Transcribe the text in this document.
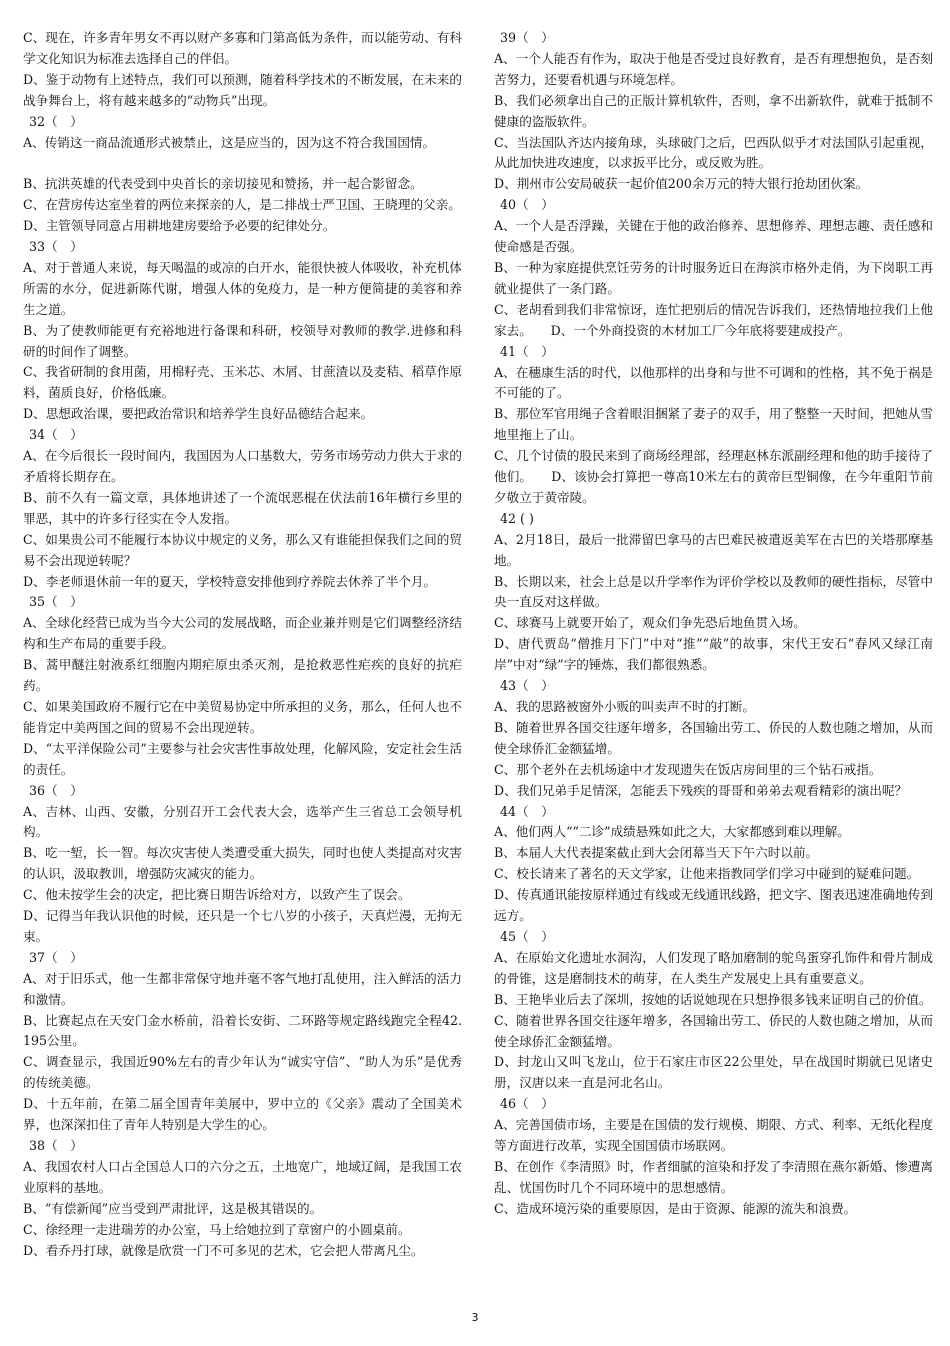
C、现在，许多青年男女不再以财产多寡和门第高低为条件，而以能劳动、有科学文化知识为标准去选择自己的伴侣。
D、鉴于动物有上述特点，我们可以预测，随着科学技术的不断发展，在未来的战争舞台上，将有越来越多的“动物兵”出现。
32（　）
A、传销这一商品流通形式被禁止，这是应当的，因为这不符合我国国情。
B、抗洪英雄的代表受到中央首长的亲切接见和赞扬，并一起合影留念。
C、在营房传达室坐着的两位来探亲的人，是二排战士严卫国、王晓理的父亲。
D、主管领导同意占用耕地建房要给予必要的纪律处分。
33（　）
A、对于普通人来说，每天喝温的或凉的白开水，能很快被人体吸收，补充机体所需的水分，促进新陈代谢，增强人体的免疫力，是一种方便简捷的美容和养生之道。
B、为了使教师能更有充裕地进行备课和科研，校领导对教师的教学.进修和科研的时间作了调整。
C、我省研制的食用菌，用棉籽壳、玉米芯、木屑、甘蔗渣以及麦秸、稻草作原料，菌质良好，价格低廉。
D、思想政治课，要把政治常识和培养学生良好品德结合起来。
34（　）
A、在今后很长一段时间内，我国因为人口基数大，劳务市场劳动力供大于求的矛盾将长期存在。
B、前不久有一篇文章，具体地讲述了一个流氓恶棍在伏法前16年横行乡里的罪恶，其中的许多行径实在令人发指。
C、如果贵公司不能履行本协议中规定的义务，那么又有谁能担保我们之间的贸易不会出现逆转呢？
D、李老师退休前一年的夏天，学校特意安排他到疗养院去休养了半个月。
35（　）
A、全球化经营已成为当今大公司的发展战略，而企业兼并则是它们调整经济结构和生产布局的重要手段。
B、蒿甲醚注射液系红细胞内期疟原虫杀灭剂，是抢救恶性疟疾的良好的抗疟药。
C、如果美国政府不履行它在中美贸易协定中所承担的义务，那么，任何人也不能肯定中美两国之间的贸易不会出现逆转。
D、“太平洋保险公司”主要参与社会灾害性事故处理，化解风险，安定社会生活的责任。
36（　）
A、吉林、山西、安徽，分别召开工会代表大会，选举产生三省总工会领导机构。
B、吃一堑，长一智。每次灾害使人类遭受重大损失，同时也使人类提高对灾害的认识，汲取教训，增强防灾减灾的能力。
C、他未按学生会的决定，把比赛日期告诉给对方，以致产生了误会。
D、记得当年我认识他的时候，还只是一个七八岁的小孩子，天真烂漫，无拘无束。
37（　）
A、对于旧乐式，他一生都非常保守地并毫不客气地打乱使用，注入鲜活的活力和激情。
B、比赛起点在天安门金水桥前，沿着长安街、二环路等规定路线跑完全程42.195公里。
C、调查显示，我国近90%左右的青少年认为“诚实守信”、“助人为乐”是优秀的传统美德。
D、十五年前，在第二届全国青年美展中，罗中立的《父亲》震动了全国美术界，也深深扣住了青年人特别是大学生的心。
38（　）
A、我国农村人口占全国总人口的六分之五，土地宽广，地域辽阔，是我国工农业原料的基地。
B、“有偿新闻”应当受到严肃批评，这是极其错误的。
C、徐经理一走进瑞芳的办公室，马上给她拉到了章窗户的小圆桌前。
D、看乔丹打球，就像是欣赏一门不可多见的艺术，它会把人带离凡尘。
39（　）
A、一个人能否有作为，取决于他是否受过良好教育，是否有理想抱负，是否刻苦努力，还要看机遇与环境怎样。
B、我们必须拿出自己的正版计算机软件，否则，拿不出新软件，就难于抵制不健康的盗版软件。
C、当法国队齐达内接角球，头球破门之后，巴西队似乎才对法国队引起重视，从此加快进攻速度，以求扳平比分，或反败为胜。
D、荆州市公安局破获一起价值200余万元的特大银行抢劫团伙案。
40（　）
A、一个人是否浮躁，关键在于他的政治修养、思想修养、理想志趣、责任感和使命感是否强。
B、一种为家庭提供烹饪劳务的计时服务近日在海滨市格外走俏，为下岗职工再就业提供了一条门路。
C、老胡看到我们非常惊讶，连忙把别后的情况告诉我们，还热情地拉我们上他家去。　　D、一个外商投资的木材加工厂今年底将要建成投产。
41（　）
A、在穗康生活的时代，以他那样的出身和与世不可调和的性格，其不免于祸是不可能的了。
B、那位军官用绳子含着眼泪捆紧了妻子的双手，用了整整一天时间，把她从雪地里拖上了山。
C、几个讨债的股民来到了商场经理部，经理赵林东派副经理和他的助手接待了他们。　　D、该协会打算把一尊高10米左右的黄帝巨型铜像，在今年重阳节前夕敬立于黄帝陵。
42 ( )
A、2月18日，最后一批滞留巴拿马的古巴难民被遣返美军在古巴的关塔那摩基地。
B、长期以来，社会上总是以升学率作为评价学校以及教师的硬性指标，尽管中央一直反对这样做。
C、球赛马上就要开始了，观众们争先恐后地鱼贯入场。
D、唐代贾岛“僧推月下门”中对“推”“敲”的故事，宋代王安石“春风又绿江南岸”中对“绿”字的锤炼，我们都很熟悉。
43（　）
A、我的思路被窗外小贩的叫卖声不时的打断。
B、随着世界各国交往逐年增多，各国输出劳工、侨民的人数也随之增加，从而使全球侨汇金额猛增。
C、那个老外在去机场途中才发现遗失在饭店房间里的三个钻石戒指。
D、我们兄弟手足情深，怎能丢下残疾的哥哥和弟弟去观看精彩的演出呢？
44（　）
A、他们两人“”二诊”成绩悬殊如此之大，大家都感到难以理解。
B、本届人大代表提案截止到大会闭幕当天下午六时以前。
C、校长请来了著名的天文学家，让他来指教同学们学习中碰到的疑难问题。
D、传真通讯能按原样通过有线或无线通讯线路，把文字、图表迅速准确地传到远方。
45（　）
A、在原始文化遗址水洞沟，人们发现了略加磨制的鸵鸟蛋穿孔饰件和骨片制成的骨锥，这是磨制技术的萌芽，在人类生产发展史上具有重要意义。
B、王艳毕业后去了深圳，按她的话说她现在只想挣很多钱来证明自己的价值。
C、随着世界各国交往逐年增多，各国输出劳工、侨民的人数也随之增加，从而使全球侨汇金额猛增。
D、封龙山又叫飞龙山，位于石家庄市区22公里处，早在战国时期就已见诸史册，汉唐以来一直是河北名山。
46（　）
A、完善国债市场，主要是在国债的发行规模、期限、方式、利率、无纸化程度等方面进行改革，实现全国国债市场联网。
B、在创作《李清照》时，作者细腻的渲染和抒发了李清照在燕尔新婚、惨遭离乱、忧国伤时几个不同环境中的思想感情。
C、造成环境污染的重要原因，是由于资源、能源的流失和浪费。
3
